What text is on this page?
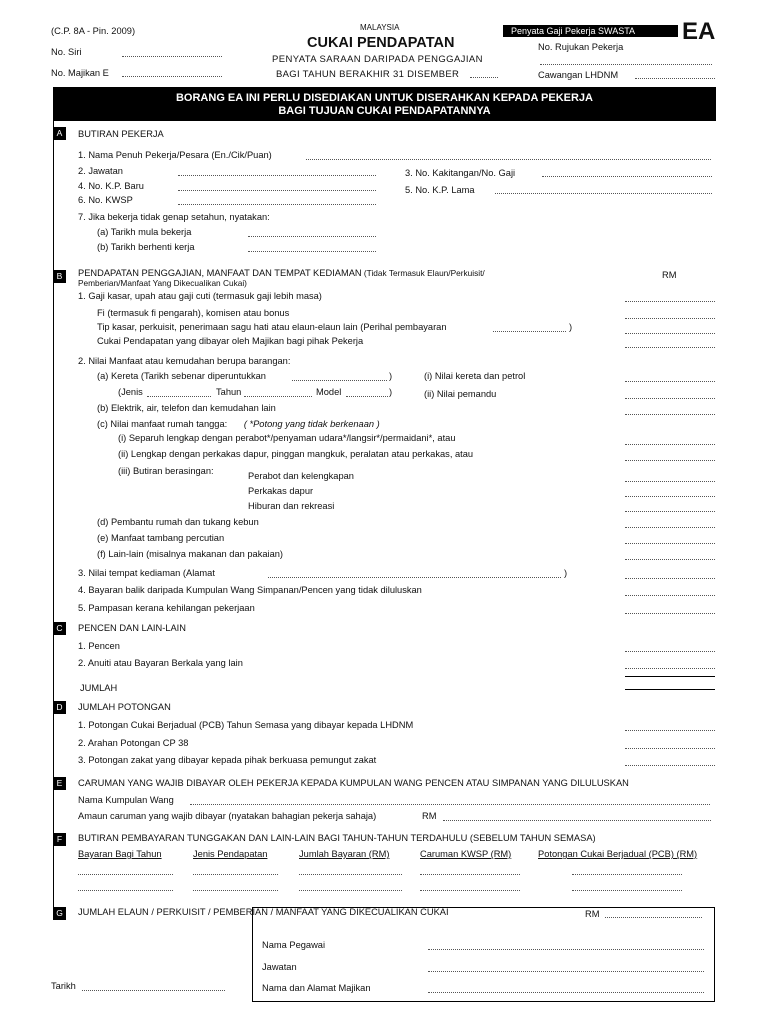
(C.P. 8A - Pin. 2009)	MALAYSIA
CUKAI PENDAPATAN
PENYATA SARAAN DARIPADA PENGGAJIAN
BAGI TAHUN BERAKHIR 31 DISEMBER
No. Siri
No. Majikan E
Penyata Gaji Pekerja SWASTA	EA
No. Rujukan Pekerja
Cawangan LHDNM
BORANG EA INI PERLU DISEDIAKAN UNTUK DISERAHKAN KEPADA PEKERJA
BAGI TUJUAN CUKAI PENDAPATANNYA
A	BUTIRAN PEKERJA
1. Nama Penuh Pekerja/Pesara (En./Cik/Puan)
2. Jawatan	3. No. Kakitangan/No. Gaji
4. No. K.P. Baru	5. No. K.P. Lama
6. No. KWSP
7. Jika bekerja tidak genap setahun, nyatakan:
(a) Tarikh mula bekerja
(b) Tarikh berhenti kerja
B	PENDAPATAN PENGGAJIAN, MANFAAT DAN TEMPAT KEDIAMAN (Tidak Termasuk Elaun/Perkuisit/
Pemberian/Manfaat Yang Dikecualikan Cukai)
RM
1. Gaji kasar, upah atau gaji cuti (termasuk gaji lebih masa)
Fi (termasuk fi pengarah), komisen atau bonus
Tip kasar, perkuisit, penerimaan sagu hati atau elaun-elaun lain (Perihal pembayaran	)
Cukai Pendapatan yang dibayar oleh Majikan bagi pihak Pekerja
2. Nilai Manfaat atau kemudahan berupa barangan:
(a) Kereta (Tarikh sebenar diperuntukkan	)	(i) Nilai kereta dan petrol
(Jenis	Tahun	Model	)	(ii) Nilai pemandu
(b) Elektrik, air, telefon dan kemudahan lain
(c) Nilai manfaat rumah tangga: ( *Potong yang tidak berkenaan )
(i) Separuh lengkap dengan perabot*/penyaman udara*/langsir*/permaidani*, atau
(ii) Lengkap dengan perkakas dapur, pinggan mangkuk, peralatan atau perkakas, atau
(iii) Butiran berasingan:	Perabot dan kelengkapan
Perkakas dapur
Hiburan dan rekreasi
(d) Pembantu rumah dan tukang kebun
(e) Manfaat tambang percutian
(f) Lain-lain (misalnya makanan dan pakaian)
3. Nilai tempat kediaman (Alamat	)
4. Bayaran balik daripada Kumpulan Wang Simpanan/Pencen yang tidak diluluskan
5. Pampasan kerana kehilangan pekerjaan
C	PENCEN DAN LAIN-LAIN
1. Pencen
2. Anuiti atau Bayaran Berkala yang lain
JUMLAH
D	JUMLAH POTONGAN
1. Potongan Cukai Berjadual (PCB) Tahun Semasa yang dibayar kepada LHDNM
2. Arahan Potongan CP 38
3. Potongan zakat yang dibayar kepada pihak berkuasa pemungut zakat
E	CARUMAN YANG WAJIB DIBAYAR OLEH PEKERJA KEPADA KUMPULAN WANG PENCEN ATAU SIMPANAN YANG DILULUSKAN
Nama Kumpulan Wang
Amaun caruman yang wajib dibayar (nyatakan bahagian pekerja sahaja)	RM
F	BUTIRAN PEMBAYARAN TUNGGAKAN DAN LAIN-LAIN BAGI TAHUN-TAHUN TERDAHULU (SEBELUM TAHUN SEMASA)
Bayaran Bagi Tahun	Jenis Pendapatan	Jumlah Bayaran (RM)	Caruman KWSP (RM)	Potongan Cukai Berjadual (PCB) (RM)
G	JUMLAH ELAUN / PERKUISIT / PEMBERIAN / MANFAAT YANG DIKECUALIKAN CUKAI	RM
Nama Pegawai
Jawatan
Nama dan Alamat Majikan
Tarikh
